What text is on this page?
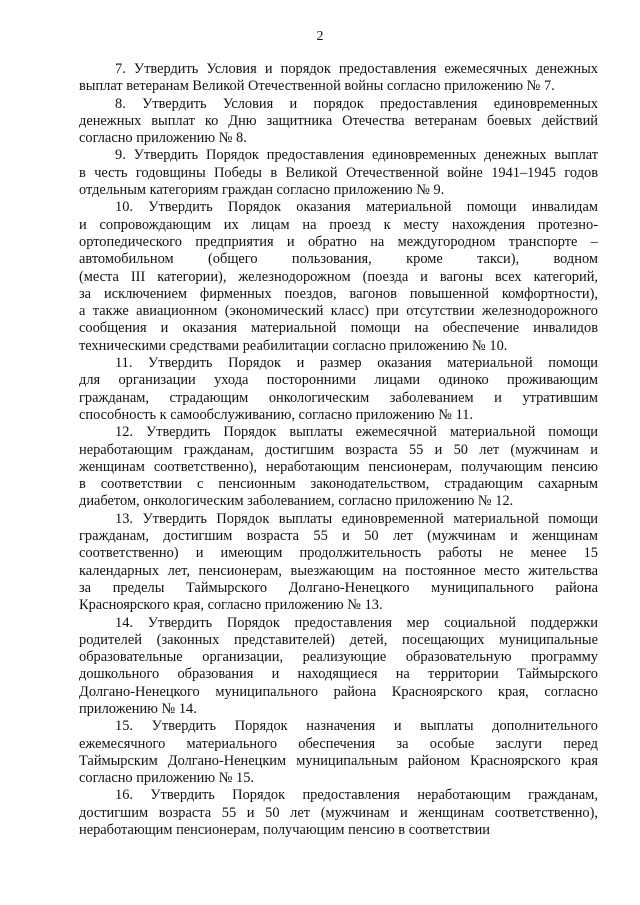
2
7. Утвердить Условия и порядок предоставления ежемесячных денежных
выплат ветеранам Великой Отечественной войны согласно приложению № 7.
8. Утвердить Условия и порядок предоставления единовременных
денежных выплат ко Дню защитника Отечества ветеранам боевых действий
согласно приложению № 8.
9. Утвердить Порядок предоставления единовременных денежных выплат
в честь годовщины Победы в Великой Отечественной войне 1941–1945 годов
отдельным категориям граждан согласно приложению № 9.
10. Утвердить Порядок оказания материальной помощи инвалидам
и сопровождающим их лицам на проезд к месту нахождения протезно-
ортопедического предприятия и обратно на междугородном транспорте –
автомобильном (общего пользования, кроме такси), водном
(места III категории), железнодорожном (поезда и вагоны всех категорий,
за исключением фирменных поездов, вагонов повышенной комфортности),
а также авиационном (экономический класс) при отсутствии железнодорожного
сообщения и оказания материальной помощи на обеспечение инвалидов
техническими средствами реабилитации согласно приложению № 10.
11. Утвердить Порядок и размер оказания материальной помощи
для организации ухода посторонними лицами одиноко проживающим
гражданам, страдающим онкологическим заболеванием и утратившим
способность к самообслуживанию, согласно приложению № 11.
12. Утвердить Порядок выплаты ежемесячной материальной помощи
неработающим гражданам, достигшим возраста 55 и 50 лет (мужчинам и
женщинам соответственно), неработающим пенсионерам, получающим пенсию
в соответствии с пенсионным законодательством, страдающим сахарным
диабетом, онкологическим заболеванием, согласно приложению № 12.
13. Утвердить Порядок выплаты единовременной материальной помощи
гражданам, достигшим возраста 55 и 50 лет (мужчинам и женщинам
соответственно) и имеющим продолжительность работы не менее 15
календарных лет, пенсионерам, выезжающим на постоянное место жительства
за пределы Таймырского Долгано-Ненецкого муниципального района
Красноярского края, согласно приложению № 13.
14. Утвердить Порядок предоставления мер социальной поддержки
родителей (законных представителей) детей, посещающих муниципальные
образовательные организации, реализующие образовательную программу
дошкольного образования и находящиеся на территории Таймырского
Долгано-Ненецкого муниципального района Красноярского края, согласно
приложению № 14.
15. Утвердить Порядок назначения и выплаты дополнительного
ежемесячного материального обеспечения за особые заслуги перед
Таймырским Долгано-Ненецким муниципальным районом Красноярского края
согласно приложению № 15.
16. Утвердить Порядок предоставления неработающим гражданам,
достигшим возраста 55 и 50 лет (мужчинам и женщинам соответственно),
неработающим пенсионерам, получающим пенсию в соответствии
